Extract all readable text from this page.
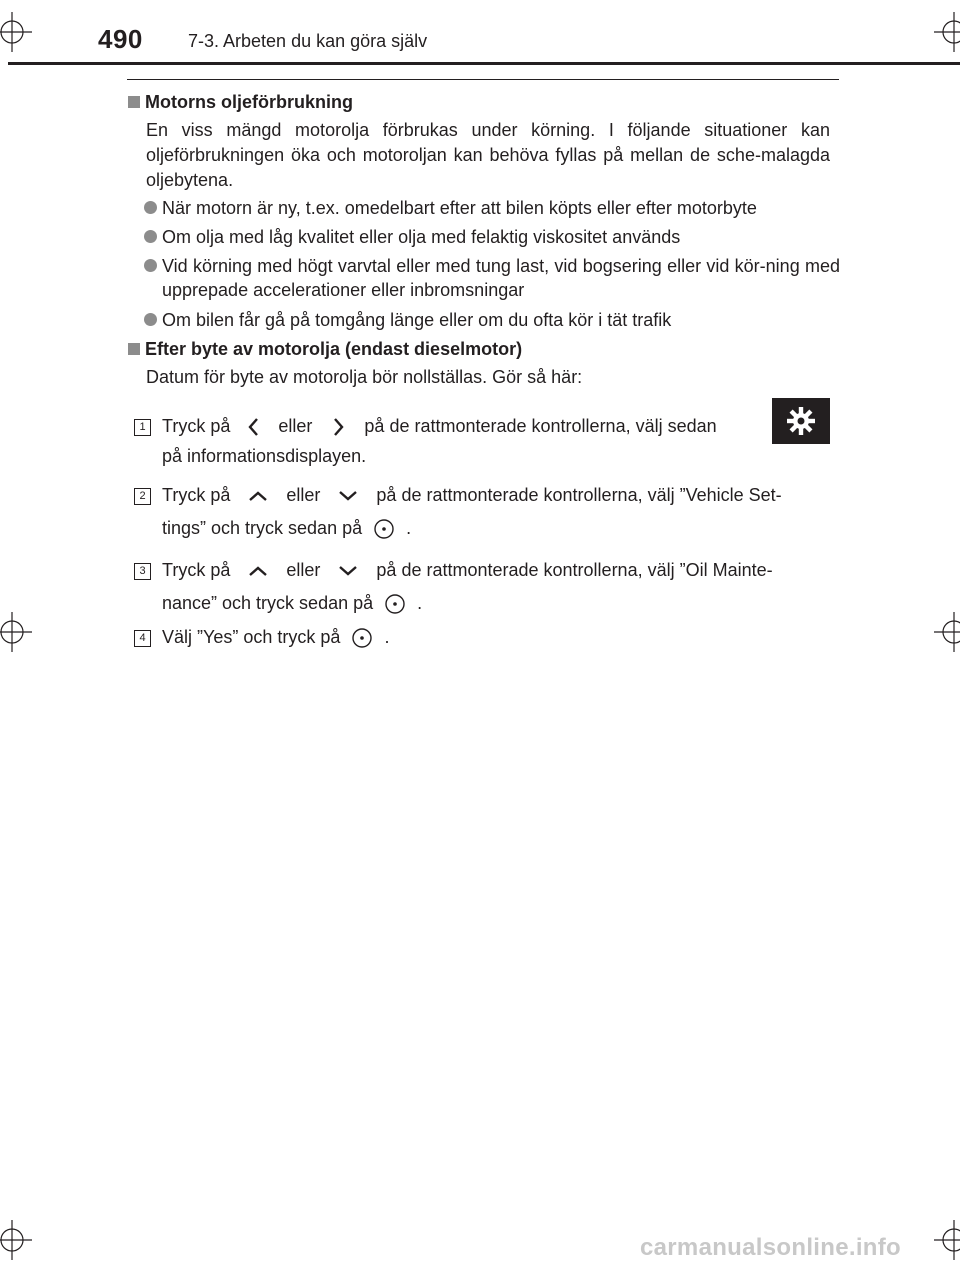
490	7-3. Arbeten du kan göra själv
Motorns oljeförbrukning
En viss mängd motorolja förbrukas under körning. I följande situationer kan oljeförbrukningen öka och motoroljan kan behöva fyllas på mellan de sche-malagda oljebytena.
När motorn är ny, t.ex. omedelbart efter att bilen köpts eller efter motorbyte
Om olja med låg kvalitet eller olja med felaktig viskositet används
Vid körning med högt varvtal eller med tung last, vid bogsering eller vid kör-ning med upprepade accelerationer eller inbromsningar
Om bilen får gå på tomgång länge eller om du ofta kör i tät trafik
Efter byte av motorolja (endast dieselmotor)
Datum för byte av motorolja bör nollställas. Gör så här:
1 Tryck på	eller	på de rattmonterade kontrollerna, välj sedan
på informationsdisplayen.
2 Tryck på	eller	på de rattmonterade kontrollerna, välj ”Vehicle Set-
tings” och tryck sedan på .
3 Tryck på	eller	på de rattmonterade kontrollerna, välj ”Oil Mainte-
nance” och tryck sedan på .
4 Välj ”Yes” och tryck på .
carmanualsonline.info
